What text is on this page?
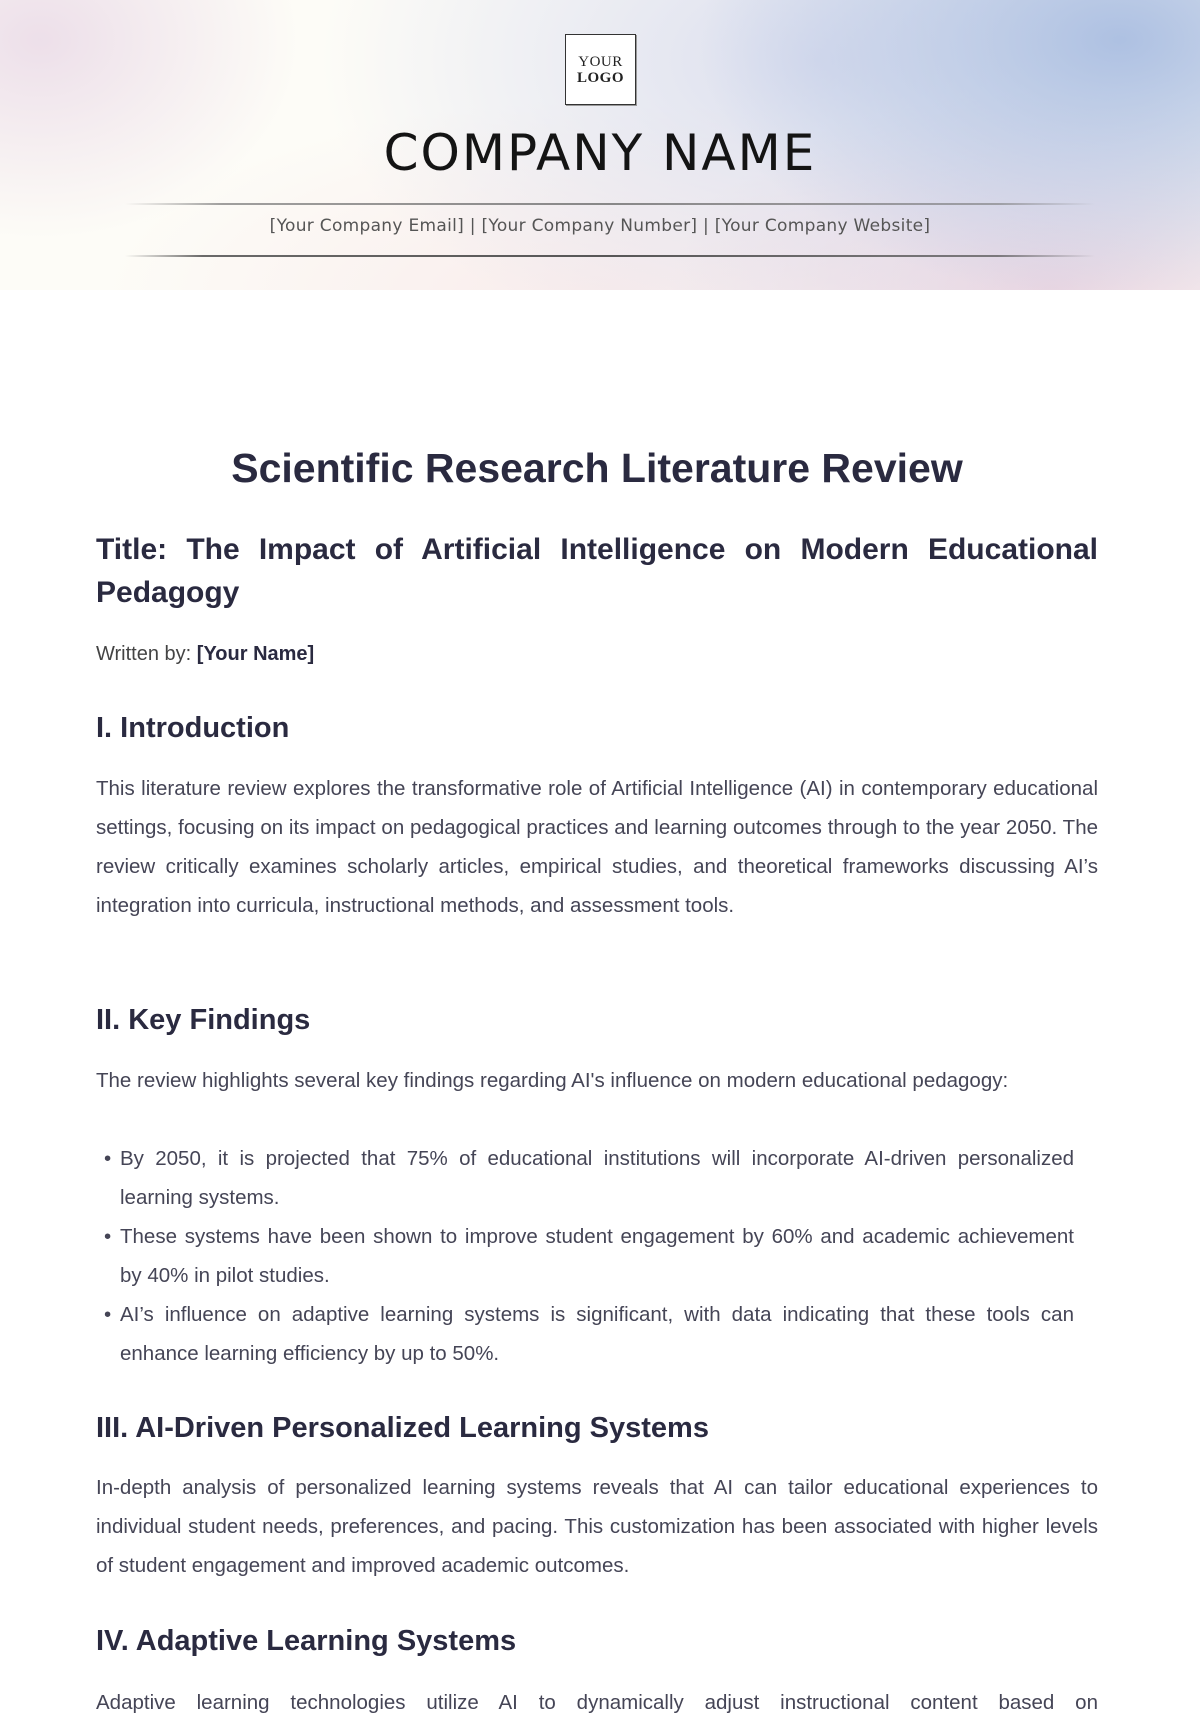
YOUR
LOGO
COMPANY NAME
[Your Company Email] | [Your Company Number] | [Your Company Website]
Scientific Research Literature Review
Title: The Impact of Artificial Intelligence on Modern Educational Pedagogy
Written by: [Your Name]
I. Introduction

This literature review explores the transformative role of Artificial Intelligence (AI) in contemporary educational settings, focusing on its impact on pedagogical practices and learning outcomes through to the year 2050. The review critically examines scholarly articles, empirical studies, and theoretical frameworks discussing AI’s integration into curricula, instructional methods, and assessment tools.

II. Key Findings

The review highlights several key findings regarding AI's influence on modern educational pedagogy:

• By 2050, it is projected that 75% of educational institutions will incorporate AI-driven personalized learning systems.
• These systems have been shown to improve student engagement by 60% and academic achievement by 40% in pilot studies.
• AI’s influence on adaptive learning systems is significant, with data indicating that these tools can enhance learning efficiency by up to 50%.
III. AI-Driven Personalized Learning Systems

In-depth analysis of personalized learning systems reveals that AI can tailor educational experiences to individual student needs, preferences, and pacing. This customization has been associated with higher levels of student engagement and improved academic outcomes.

IV. Adaptive Learning Systems

Adaptive learning technologies utilize AI to dynamically adjust instructional content based on
